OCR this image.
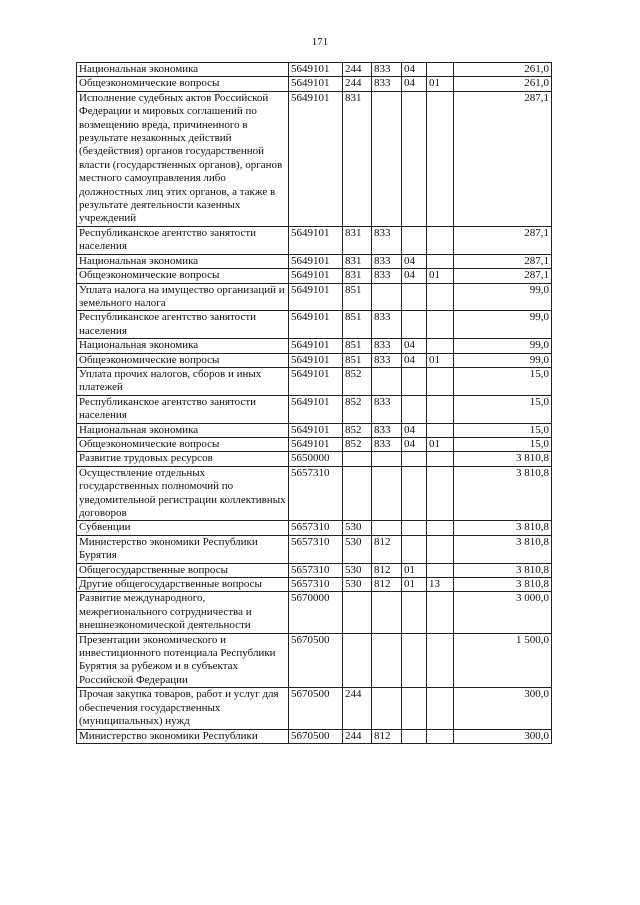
171
Национальная экономика	5649101	244	833	04		261,0
Общеэкономические вопросы	5649101	244	833	04	01	261,0
Исполнение судебных актов Российской Федерации и мировых соглашений по возмещению вреда, причиненного в результате незаконных действий (бездействия) органов государственной власти (государственных органов), органов местного самоуправления либо должностных лиц этих органов, а также в результате деятельности казенных учреждений	5649101	831				287,1
Республиканское агентство занятости населения	5649101	831	833			287,1
Национальная экономика	5649101	831	833	04		287,1
Общеэкономические вопросы	5649101	831	833	04	01	287,1
Уплата налога на имущество организаций и земельного налога	5649101	851				99,0
Республиканское агентство занятости населения	5649101	851	833			99,0
Национальная экономика	5649101	851	833	04		99,0
Общеэкономические вопросы	5649101	851	833	04	01	99,0
Уплата прочих налогов, сборов и иных платежей	5649101	852				15,0
Республиканское агентство занятости населения	5649101	852	833			15,0
Национальная экономика	5649101	852	833	04		15,0
Общеэкономические вопросы	5649101	852	833	04	01	15,0
Развитие трудовых ресурсов	5650000					3 810,8
Осуществление отдельных государственных полномочий по уведомительной регистрации коллективных договоров	5657310					3 810,8
Субвенции	5657310	530				3 810,8
Министерство экономики Республики Бурятия	5657310	530	812			3 810,8
Общегосударственные вопросы	5657310	530	812	01		3 810,8
Другие общегосударственные вопросы	5657310	530	812	01	13	3 810,8
Развитие международного, межрегионального сотрудничества и внешнеэкономической деятельности	5670000					3 000,0
Презентации экономического и инвестиционного потенциала Республики Бурятия за рубежом и в субъектах Российской Федерации	5670500					1 500,0
Прочая закупка товаров, работ и услуг для обеспечения государственных (муниципальных) нужд	5670500	244				300,0
Министерство экономики Республики	5670500	244	812			300,0
